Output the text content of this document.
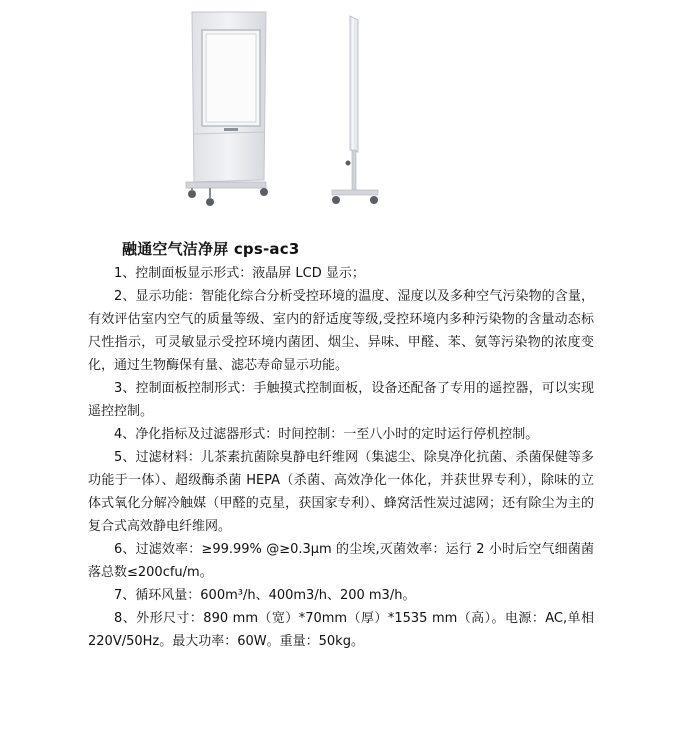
融通空气洁净屏 cps-ac3

1、控制面板显示形式：液晶屏 LCD 显示；

2、显示功能：智能化综合分析受控环境的温度、湿度以及多种空气污染物的含量，有效评估室内空气的质量等级、室内的舒适度等级,受控环境内多种污染物的含量动态标尺性指示，可灵敏显示受控环境内菌团、烟尘、异味、甲醛、苯、氨等污染物的浓度变化，通过生物酶保有量、滤芯寿命显示功能。

3、控制面板控制形式：手触摸式控制面板，设备还配备了专用的遥控器，可以实现遥控控制。

4、净化指标及过滤器形式：时间控制：一至八小时的定时运行停机控制。

5、过滤材料：儿茶素抗菌除臭静电纤维网（集滤尘、除臭净化抗菌、杀菌保健等多功能于一体）、超级酶杀菌 HEPA（杀菌、高效净化一体化，并获世界专利），除味的立体式氧化分解冷触媒（甲醛的克星，获国家专利）、蜂窝活性炭过滤网；还有除尘为主的复合式高效静电纤维网。

6、过滤效率：≥99.99% @≥0.3μm 的尘埃,灭菌效率：运行 2 小时后空气细菌菌落总数≤200cfu/m。

7、循环风量：600m³/h、400m3/h、200 m3/h。

8、外形尺寸：890 mm（宽）*70mm（厚）*1535 mm（高）。电源：AC,单相220V/50Hz。最大功率：60W。重量：50kg。
